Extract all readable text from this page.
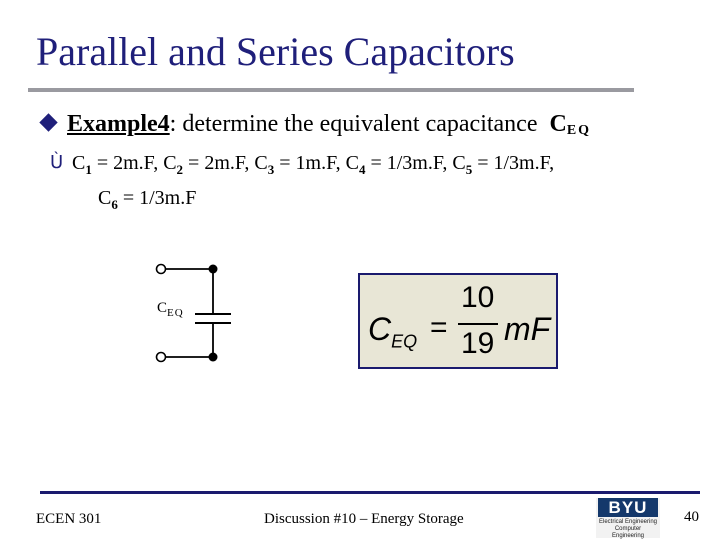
Parallel and Series Capacitors
Example4 : determine the equivalent capacitance $C_{EQ}$
Ù $C_1 = 2m.F$, $C_2 = 2m.F$, $C_3 = 1m.F$, $C_4 = 1/3m.F$, $C_5 = 1/3m.F$,
$C_6 = 1/3m.F$
$C_{EQ}$	$C_{EQ}$ =
10
19 mF
ECEN 301	Discussion #10 – Energy Storage
BYU
Electrical Engineering Computer Engineering
40
